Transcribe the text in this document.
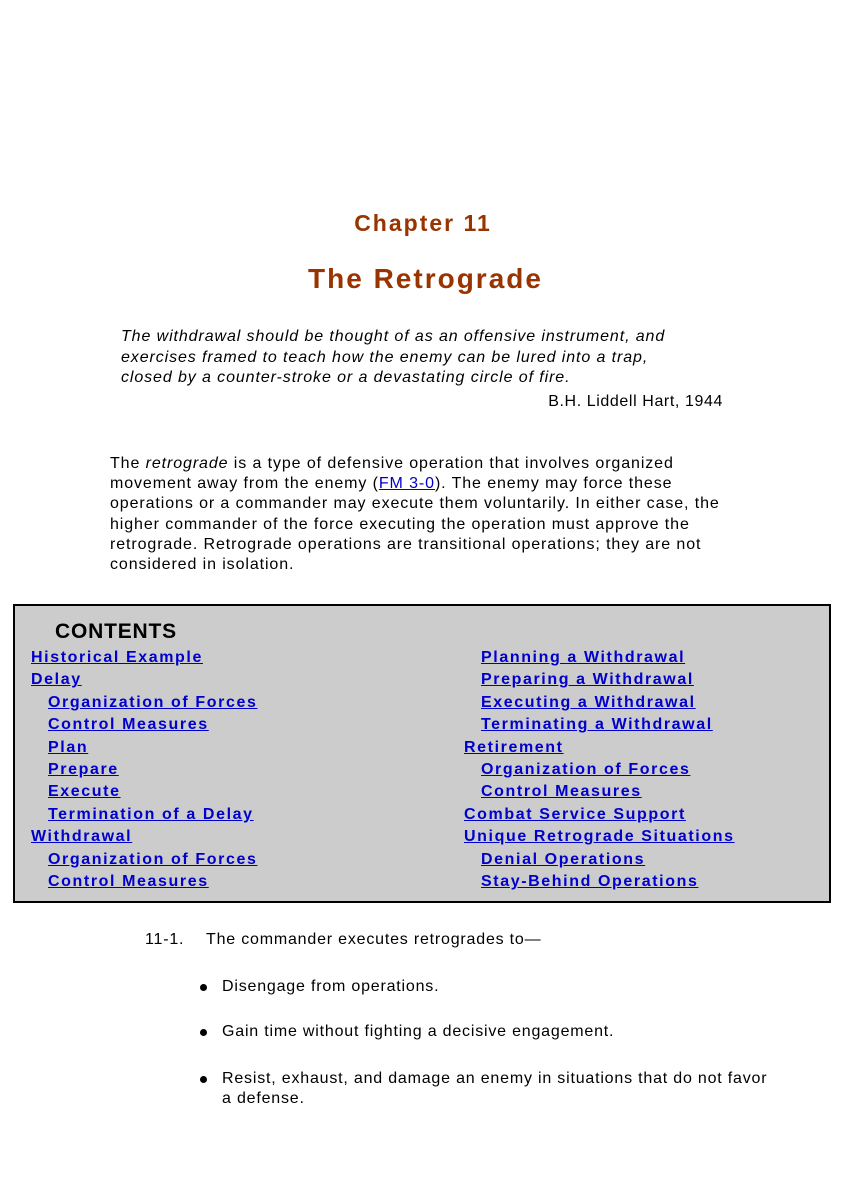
Chapter 11
The Retrograde
The withdrawal should be thought of as an offensive instrument, and
exercises framed to teach how the enemy can be lured into a trap,
closed by a counter-stroke or a devastating circle of fire.
B.H. Liddell Hart, 1944
The retrograde is a type of defensive operation that involves organized
movement away from the enemy (FM 3-0). The enemy may force these
operations or a commander may execute them voluntarily. In either case, the
higher commander of the force executing the operation must approve the
retrograde. Retrograde operations are transitional operations; they are not
considered in isolation.
CONTENTS
Historical Example
Delay
Organization of Forces
Control Measures
Plan
Prepare
Execute
Termination of a Delay
Withdrawal
Organization of Forces
Control Measures
Planning a Withdrawal
Preparing a Withdrawal
Executing a Withdrawal
Terminating a Withdrawal
Retirement
Organization of Forces
Control Measures
Combat Service Support
Unique Retrograde Situations
Denial Operations
Stay-Behind Operations
11-1. The commander executes retrogrades to—
Disengage from operations.
Gain time without fighting a decisive engagement.
Resist, exhaust, and damage an enemy in situations that do not favor
a defense.
